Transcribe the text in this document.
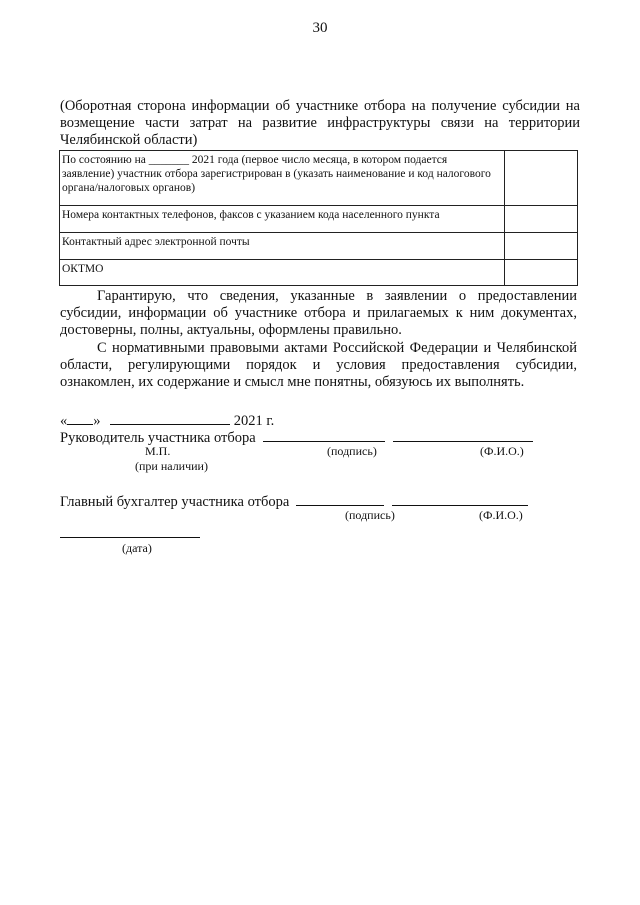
30
(Оборотная сторона информации об участнике отбора на получение субсидии на возмещение части затрат на развитие инфраструктуры связи на территории Челябинской области)
По состоянию на _______ 2021 года (первое число месяца, в котором подается заявление) участник отбора зарегистрирован в (указать наименование и код налогового органа/налоговых органов)	
Номера контактных телефонов, факсов с указанием кода населенного пункта	
Контактный адрес электронной почты	
ОКТМО	
Гарантирую, что сведения, указанные в заявлении о предоставлении субсидии, информации об участнике отбора и прилагаемых к ним документах, достоверны, полны, актуальны, оформлены правильно.
С нормативными правовыми актами Российской Федерации и Челябинской области, регулирующими порядок и условия предоставления субсидии, ознакомлен, их содержание и смысл мне понятны, обязуюсь их выполнять.
« »	2021 г.
Руководитель участника отбора
М.П.
(при наличии)
(подпись)	(Ф.И.О.)
Главный бухгалтер участника отбора
(подпись)	(Ф.И.О.)
(дата)
